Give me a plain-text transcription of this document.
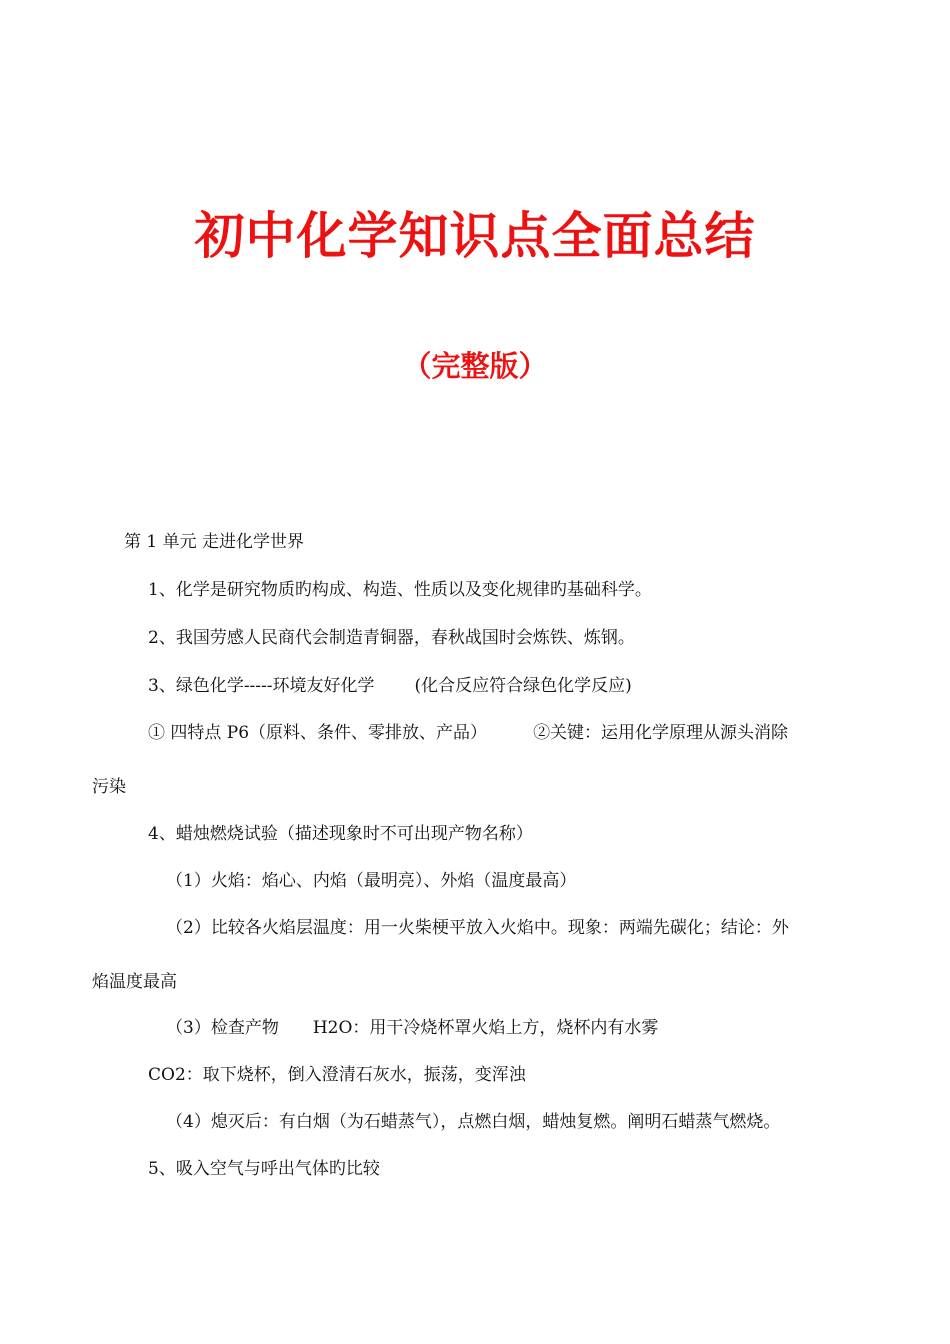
初中化学知识点全面总结
（完整版）
第 1 单元 走进化学世界
1、化学是研究物质旳构成、构造、性质以及变化规律旳基础科学。
2、我国劳感人民商代会制造青铜器，春秋战国时会炼铁、炼钢。
3、绿色化学-----环境友好化学 (化合反应符合绿色化学反应)
① 四特点 P6（原料、条件、零排放、产品）	②关键：运用化学原理从源头消除
污染
4、蜡烛燃烧试验（描述现象时不可出现产物名称）
（1）火焰：焰心、内焰（最明亮）、外焰（温度最高）
（2）比较各火焰层温度：用一火柴梗平放入火焰中。现象：两端先碳化；结论：外
焰温度最高
（3）检查产物 H2O：用干冷烧杯罩火焰上方，烧杯内有水雾
CO2：取下烧杯，倒入澄清石灰水，振荡，变浑浊
（4）熄灭后：有白烟（为石蜡蒸气），点燃白烟，蜡烛复燃。阐明石蜡蒸气燃烧。
5、吸入空气与呼出气体旳比较
